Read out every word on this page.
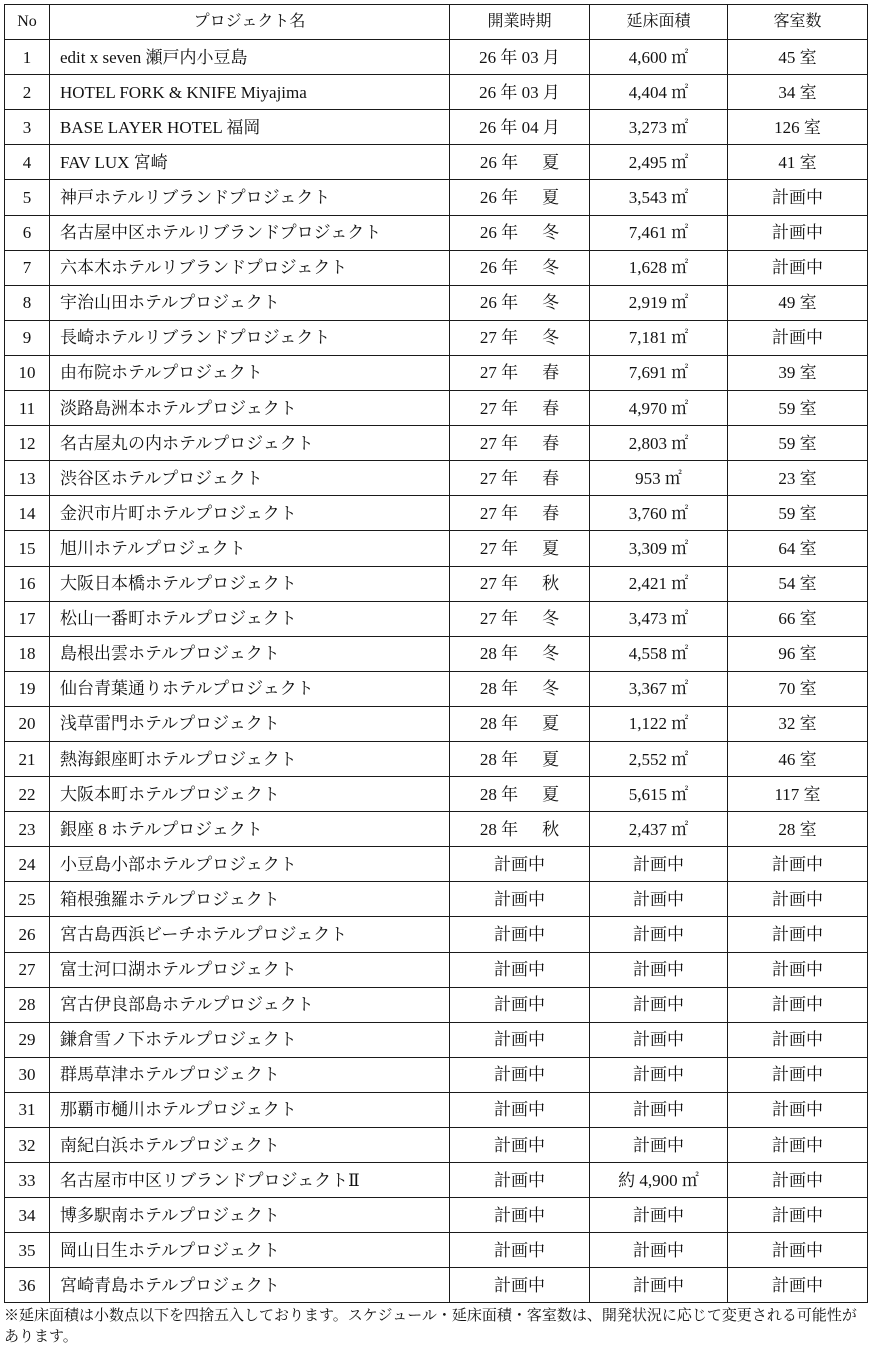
No	プロジェクト名	開業時期	延床面積	客室数
1	edit x seven 瀬戸内小豆島	26 年 03 月	4,600 ㎡	45 室
2	HOTEL FORK & KNIFE Miyajima	26 年 03 月	4,404 ㎡	34 室
3	BASE LAYER HOTEL 福岡	26 年 04 月	3,273 ㎡	126 室
4	FAV LUX 宮崎	26 年 夏	2,495 ㎡	41 室
5	神戸ホテルリブランドプロジェクト	26 年 夏	3,543 ㎡	計画中
6	名古屋中区ホテルリブランドプロジェクト	26 年 冬	7,461 ㎡	計画中
7	六本木ホテルリブランドプロジェクト	26 年 冬	1,628 ㎡	計画中
8	宇治山田ホテルプロジェクト	26 年 冬	2,919 ㎡	49 室
9	長崎ホテルリブランドプロジェクト	27 年 冬	7,181 ㎡	計画中
10	由布院ホテルプロジェクト	27 年 春	7,691 ㎡	39 室
11	淡路島洲本ホテルプロジェクト	27 年 春	4,970 ㎡	59 室
12	名古屋丸の内ホテルプロジェクト	27 年 春	2,803 ㎡	59 室
13	渋谷区ホテルプロジェクト	27 年 春	953 ㎡	23 室
14	金沢市片町ホテルプロジェクト	27 年 春	3,760 ㎡	59 室
15	旭川ホテルプロジェクト	27 年 夏	3,309 ㎡	64 室
16	大阪日本橋ホテルプロジェクト	27 年 秋	2,421 ㎡	54 室
17	松山一番町ホテルプロジェクト	27 年 冬	3,473 ㎡	66 室
18	島根出雲ホテルプロジェクト	28 年 冬	4,558 ㎡	96 室
19	仙台青葉通りホテルプロジェクト	28 年 冬	3,367 ㎡	70 室
20	浅草雷門ホテルプロジェクト	28 年 夏	1,122 ㎡	32 室
21	熱海銀座町ホテルプロジェクト	28 年 夏	2,552 ㎡	46 室
22	大阪本町ホテルプロジェクト	28 年 夏	5,615 ㎡	117 室
23	銀座 8 ホテルプロジェクト	28 年 秋	2,437 ㎡	28 室
24	小豆島小部ホテルプロジェクト	計画中	計画中	計画中
25	箱根強羅ホテルプロジェクト	計画中	計画中	計画中
26	宮古島西浜ビーチホテルプロジェクト	計画中	計画中	計画中
27	富士河口湖ホテルプロジェクト	計画中	計画中	計画中
28	宮古伊良部島ホテルプロジェクト	計画中	計画中	計画中
29	鎌倉雪ノ下ホテルプロジェクト	計画中	計画中	計画中
30	群馬草津ホテルプロジェクト	計画中	計画中	計画中
31	那覇市樋川ホテルプロジェクト	計画中	計画中	計画中
32	南紀白浜ホテルプロジェクト	計画中	計画中	計画中
33	名古屋市中区リブランドプロジェクトⅡ	計画中	約 4,900 ㎡	計画中
34	博多駅南ホテルプロジェクト	計画中	計画中	計画中
35	岡山日生ホテルプロジェクト	計画中	計画中	計画中
36	宮崎青島ホテルプロジェクト	計画中	計画中	計画中
※延床面積は小数点以下を四捨五入しております。スケジュール・延床面積・客室数は、開発状況に応じて変更される可能性があります。
